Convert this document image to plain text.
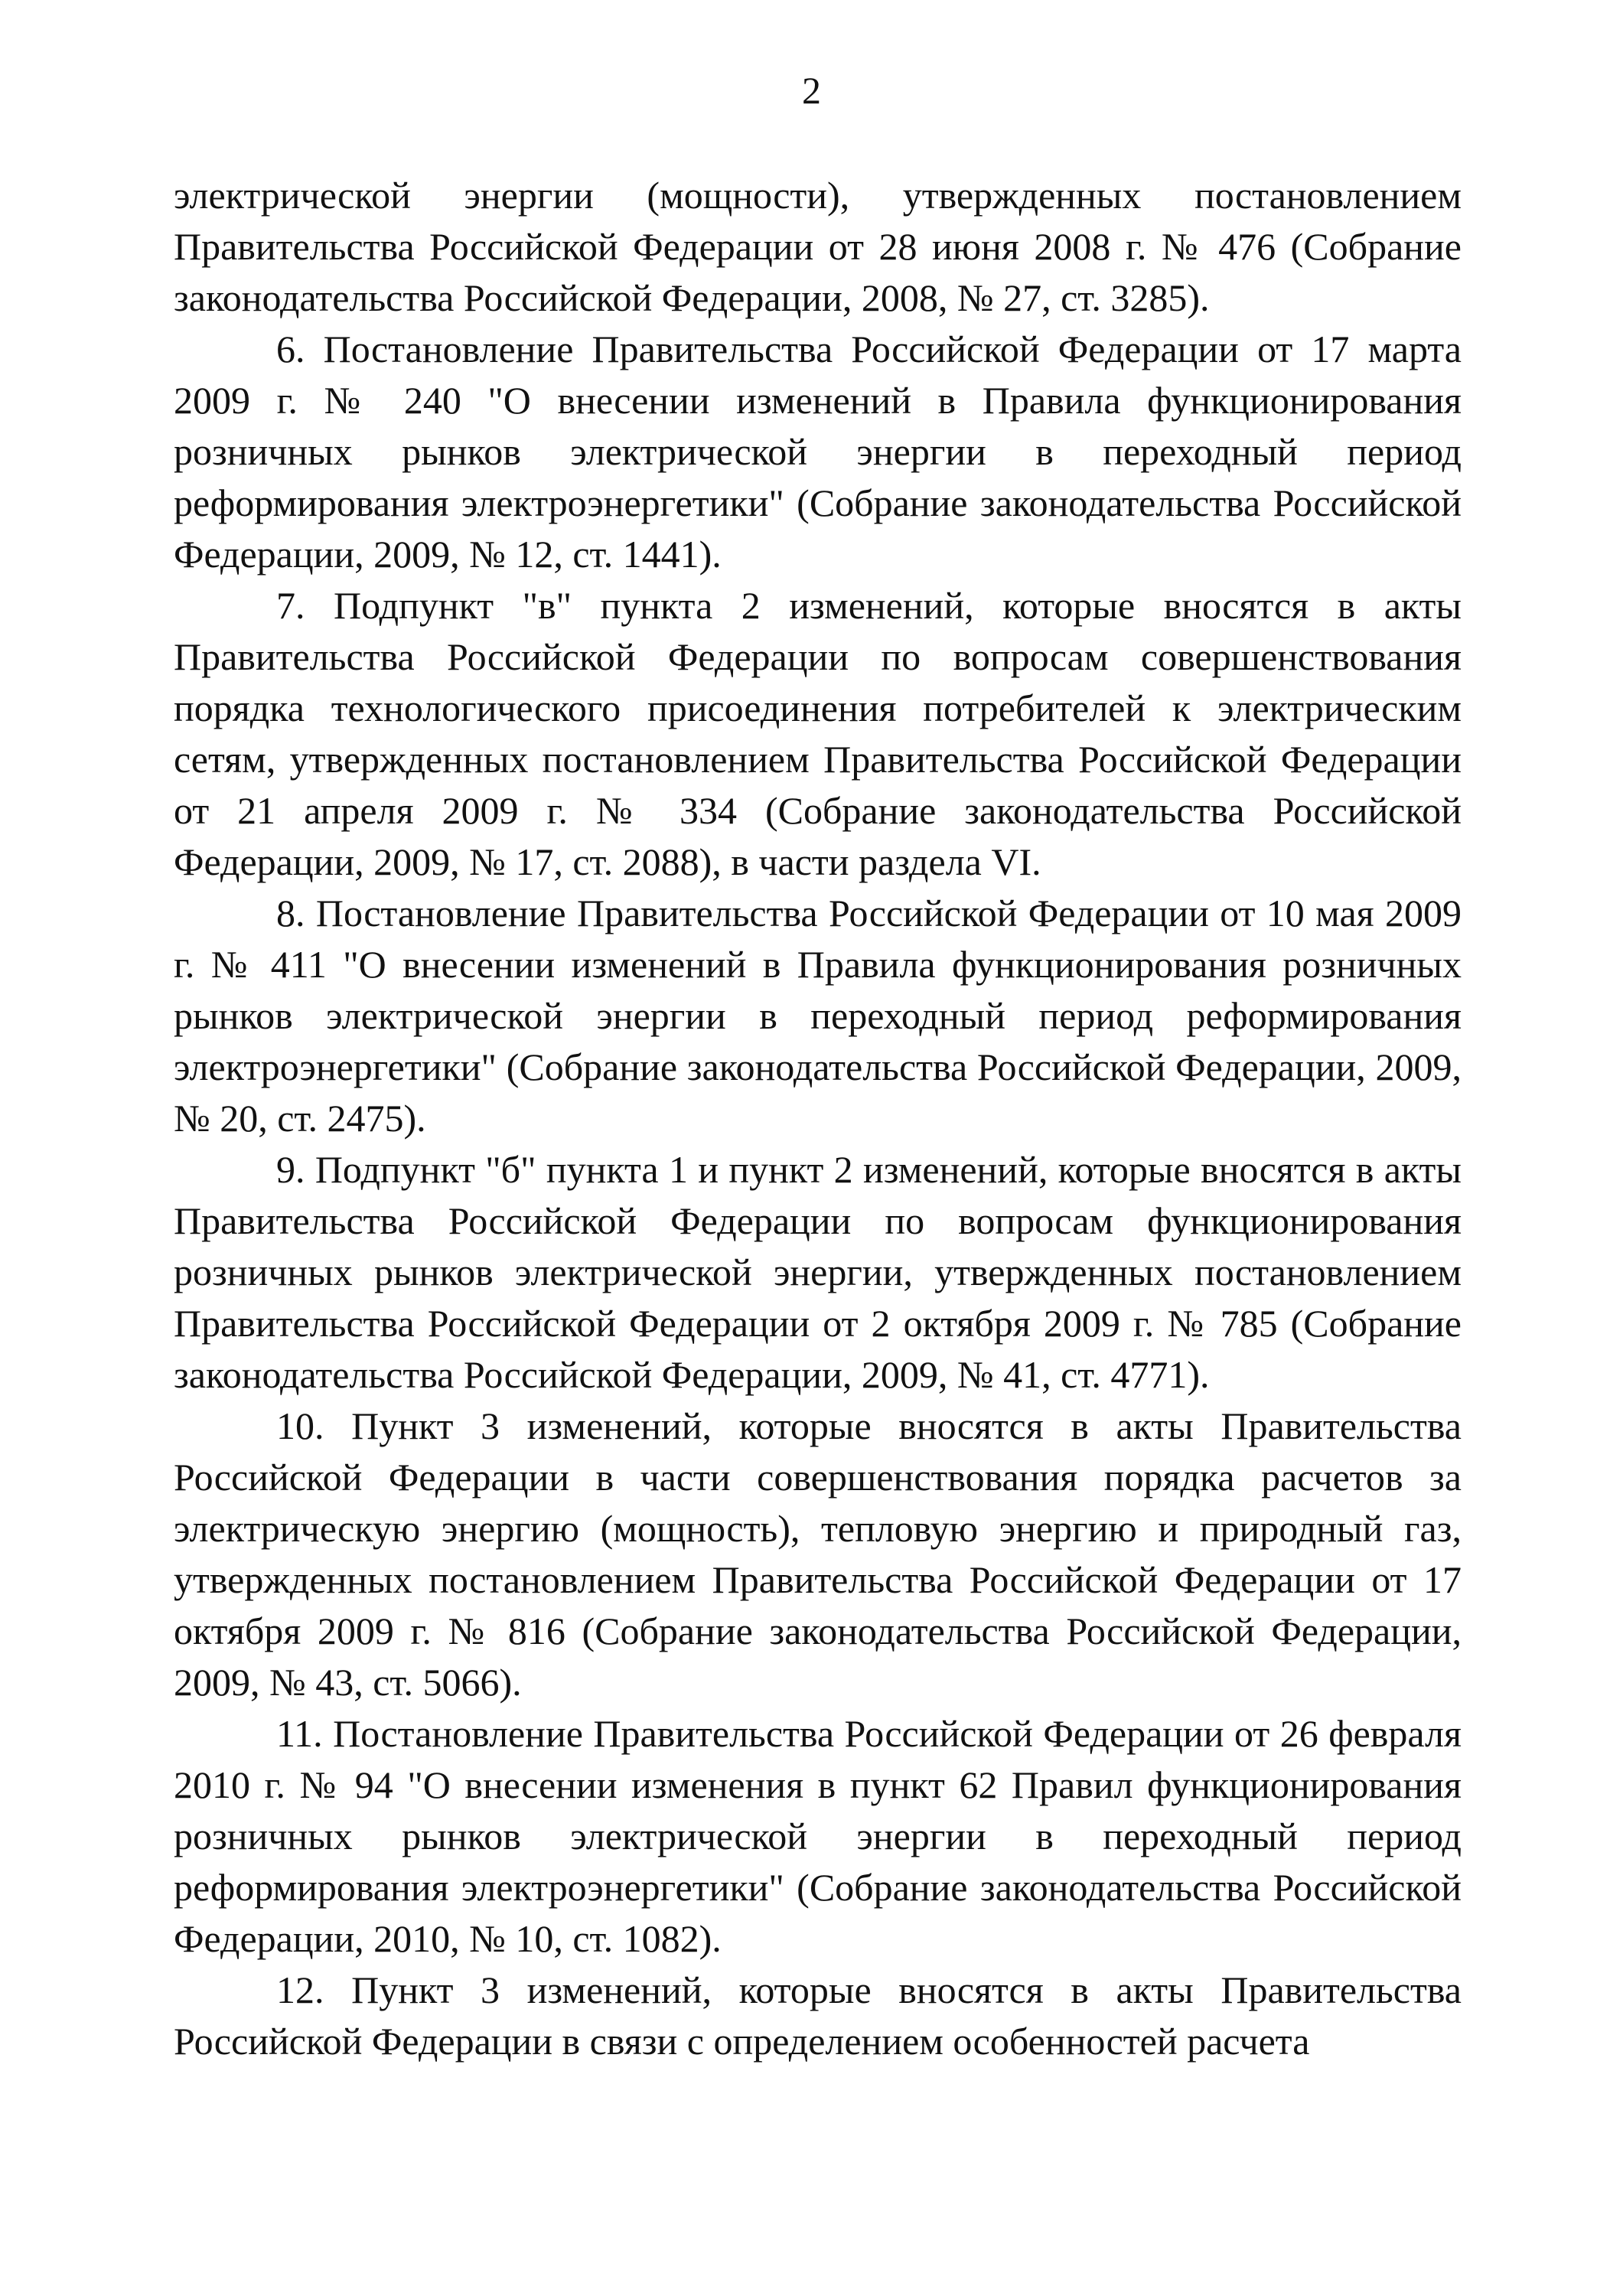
2

электрической энергии (мощности), утвержденных постановлением Правительства Российской Федерации от 28 июня 2008 г. № 476 (Собрание законодательства Российской Федерации, 2008, № 27, ст. 3285).

6. Постановление Правительства Российской Федерации от 17 марта 2009 г. № 240 "О внесении изменений в Правила функционирования розничных рынков электрической энергии в переходный период реформирования электроэнергетики" (Собрание законодательства Российской Федерации, 2009, № 12, ст. 1441).

7. Подпункт "в" пункта 2 изменений, которые вносятся в акты Правительства Российской Федерации по вопросам совершенствования порядка технологического присоединения потребителей к электрическим сетям, утвержденных постановлением Правительства Российской Федерации от 21 апреля 2009 г. № 334 (Собрание законодательства Российской Федерации, 2009, № 17, ст. 2088), в части раздела VI.

8. Постановление Правительства Российской Федерации от 10 мая 2009 г. № 411 "О внесении изменений в Правила функционирования розничных рынков электрической энергии в переходный период реформирования электроэнергетики" (Собрание законодательства Российской Федерации, 2009, № 20, ст. 2475).

9. Подпункт "б" пункта 1 и пункт 2 изменений, которые вносятся в акты Правительства Российской Федерации по вопросам функционирования розничных рынков электрической энергии, утвержденных постановлением Правительства Российской Федерации от 2 октября 2009 г. № 785 (Собрание законодательства Российской Федерации, 2009, № 41, ст. 4771).

10. Пункт 3 изменений, которые вносятся в акты Правительства Российской Федерации в части совершенствования порядка расчетов за электрическую энергию (мощность), тепловую энергию и природный газ, утвержденных постановлением Правительства Российской Федерации от 17 октября 2009 г. № 816 (Собрание законодательства Российской Федерации, 2009, № 43, ст. 5066).

11. Постановление Правительства Российской Федерации от 26 февраля 2010 г. № 94 "О внесении изменения в пункт 62 Правил функционирования розничных рынков электрической энергии в переходный период реформирования электроэнергетики" (Собрание законодательства Российской Федерации, 2010, № 10, ст. 1082).

12. Пункт 3 изменений, которые вносятся в акты Правительства Российской Федерации в связи с определением особенностей расчета
